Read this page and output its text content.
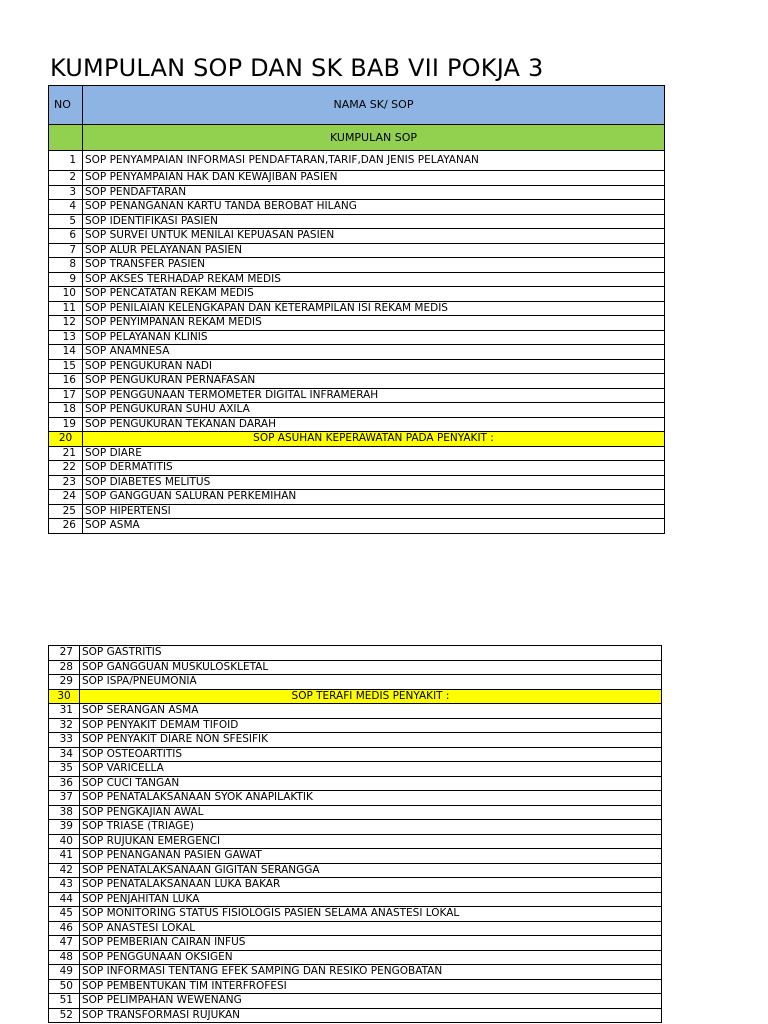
KUMPULAN SOP DAN SK BAB VII POKJA 3
NO	NAMA SK/ SOP
	KUMPULAN SOP
1	SOP PENYAMPAIAN INFORMASI PENDAFTARAN,TARIF,DAN JENIS PELAYANAN
2	SOP PENYAMPAIAN HAK DAN KEWAJIBAN PASIEN
3	SOP PENDAFTARAN
4	SOP PENANGANAN KARTU TANDA BEROBAT HILANG
5	SOP IDENTIFIKASI PASIEN
6	SOP SURVEI UNTUK MENILAI KEPUASAN PASIEN
7	SOP ALUR PELAYANAN PASIEN
8	SOP TRANSFER PASIEN
9	SOP AKSES TERHADAP REKAM MEDIS
10	SOP PENCATATAN REKAM MEDIS
11	SOP PENILAIAN KELENGKAPAN DAN KETERAMPILAN ISI REKAM MEDIS
12	SOP PENYIMPANAN REKAM MEDIS
13	SOP PELAYANAN KLINIS
14	SOP ANAMNESA
15	SOP PENGUKURAN NADI
16	SOP PENGUKURAN PERNAFASAN
17	SOP PENGGUNAAN TERMOMETER DIGITAL INFRAMERAH
18	SOP PENGUKURAN SUHU AXILA
19	SOP PENGUKURAN TEKANAN DARAH
20	SOP ASUHAN KEPERAWATAN PADA PENYAKIT :
21	SOP DIARE
22	SOP DERMATITIS
23	SOP DIABETES MELITUS
24	SOP GANGGUAN SALURAN PERKEMIHAN
25	SOP HIPERTENSI
26	SOP ASMA
27	SOP GASTRITIS
28	SOP GANGGUAN MUSKULOSKLETAL
29	SOP ISPA/PNEUMONIA
30	SOP TERAFI MEDIS PENYAKIT :
31	SOP SERANGAN ASMA
32	SOP PENYAKIT DEMAM TIFOID
33	SOP PENYAKIT DIARE NON SFESIFIK
34	SOP OSTEOARTITIS
35	SOP VARICELLA
36	SOP CUCI TANGAN
37	SOP PENATALAKSANAAN SYOK ANAPILAKTIK
38	SOP PENGKAJIAN AWAL
39	SOP TRIASE (TRIAGE)
40	SOP RUJUKAN EMERGENCI
41	SOP PENANGANAN PASIEN GAWAT
42	SOP PENATALAKSANAAN GIGITAN SERANGGA
43	SOP PENATALAKSANAAN LUKA BAKAR
44	SOP PENJAHITAN LUKA
45	SOP MONITORING STATUS FISIOLOGIS PASIEN SELAMA ANASTESI LOKAL
46	SOP ANASTESI LOKAL
47	SOP PEMBERIAN CAIRAN INFUS
48	SOP PENGGUNAAN OKSIGEN
49	SOP INFORMASI TENTANG EFEK SAMPING DAN RESIKO PENGOBATAN
50	SOP PEMBENTUKAN TIM INTERFROFESI
51	SOP PELIMPAHAN WEWENANG
52	SOP TRANSFORMASI RUJUKAN
